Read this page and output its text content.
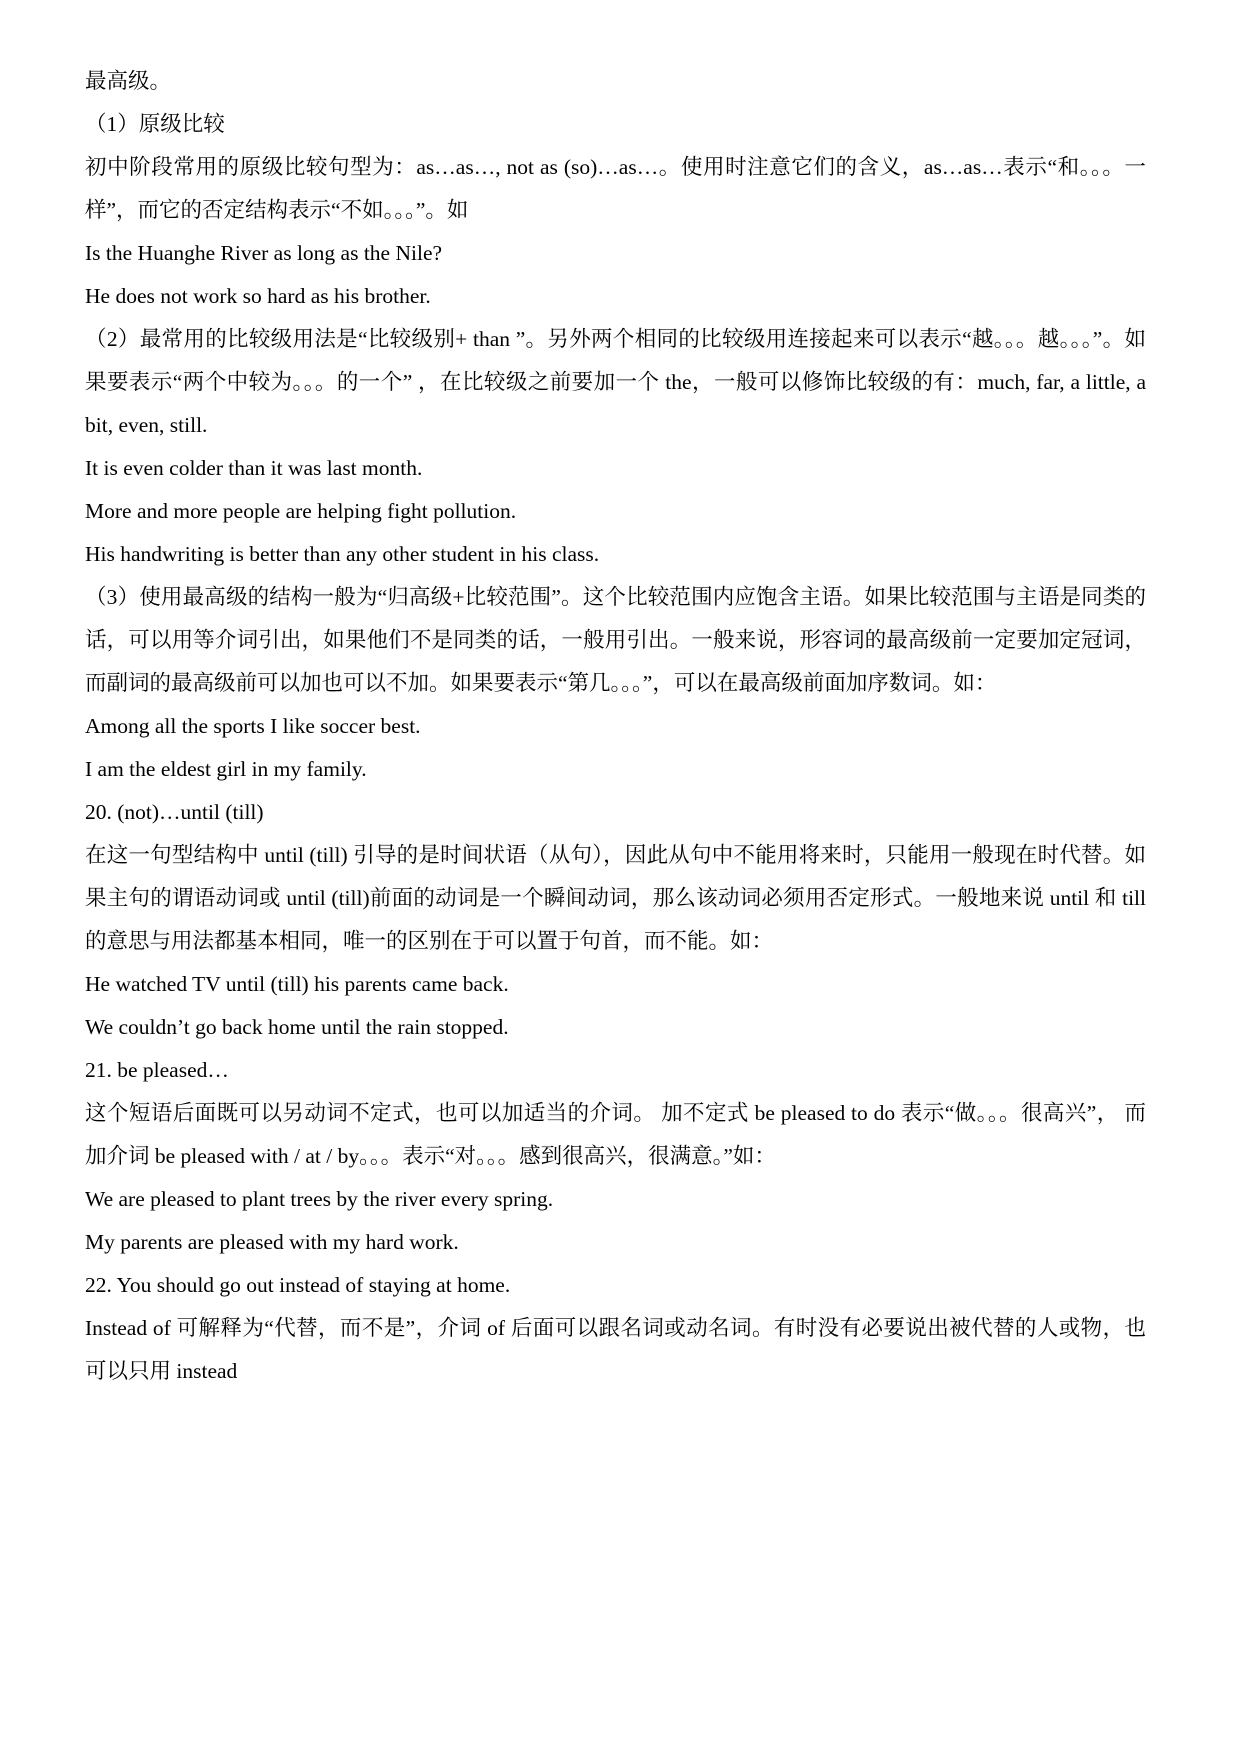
最高级。

（1）原级比较

初中阶段常用的原级比较句型为：as…as…, not as (so)…as…。使用时注意它们的含义，as…as…表示“和。。。一样”，而它的否定结构表示“不如。。。”。如

Is the Huanghe River as long as the Nile?

He does not work so hard as his brother.

（2）最常用的比较级用法是“比较级别+ than ”。另外两个相同的比较级用连接起来可以表示“越。。。越。。。”。如果要表示“两个中较为。。。的一个” ，在比较级之前要加一个 the，一般可以修饰比较级的有：much, far, a little, a bit, even, still.

It is even colder than it was last month.

More and more people are helping fight pollution.

His handwriting is better than any other student in his class.

（3）使用最高级的结构一般为“归高级+比较范围”。这个比较范围内应饱含主语。如果比较范围与主语是同类的话，可以用等介词引出，如果他们不是同类的话，一般用引出。一般来说，形容词的最高级前一定要加定冠词，而副词的最高级前可以加也可以不加。如果要表示“第几。。。”，可以在最高级前面加序数词。如：

Among all the sports I like soccer best.

I am the eldest girl in my family.

20. (not)…until (till)

在这一句型结构中 until (till) 引导的是时间状语（从句），因此从句中不能用将来时，只能用一般现在时代替。如果主句的谓语动词或 until (till)前面的动词是一个瞬间动词，那么该动词必须用否定形式。一般地来说 until 和 till 的意思与用法都基本相同，唯一的区别在于可以置于句首，而不能。如：

He watched TV until (till) his parents came back.

We couldn’t go back home until the rain stopped.

21. be pleased…

这个短语后面既可以另动词不定式，也可以加适当的介词。 加不定式 be pleased to do 表示“做。。。很高兴”， 而加介词 be pleased with / at / by。。。表示“对。。。感到很高兴，很满意。”如：

We are pleased to plant trees by the river every spring.

My parents are pleased with my hard work.

22. You should go out instead of staying at home.

Instead of 可解释为“代替，而不是”，介词 of 后面可以跟名词或动名词。有时没有必要说出被代替的人或物，也可以只用 instead
